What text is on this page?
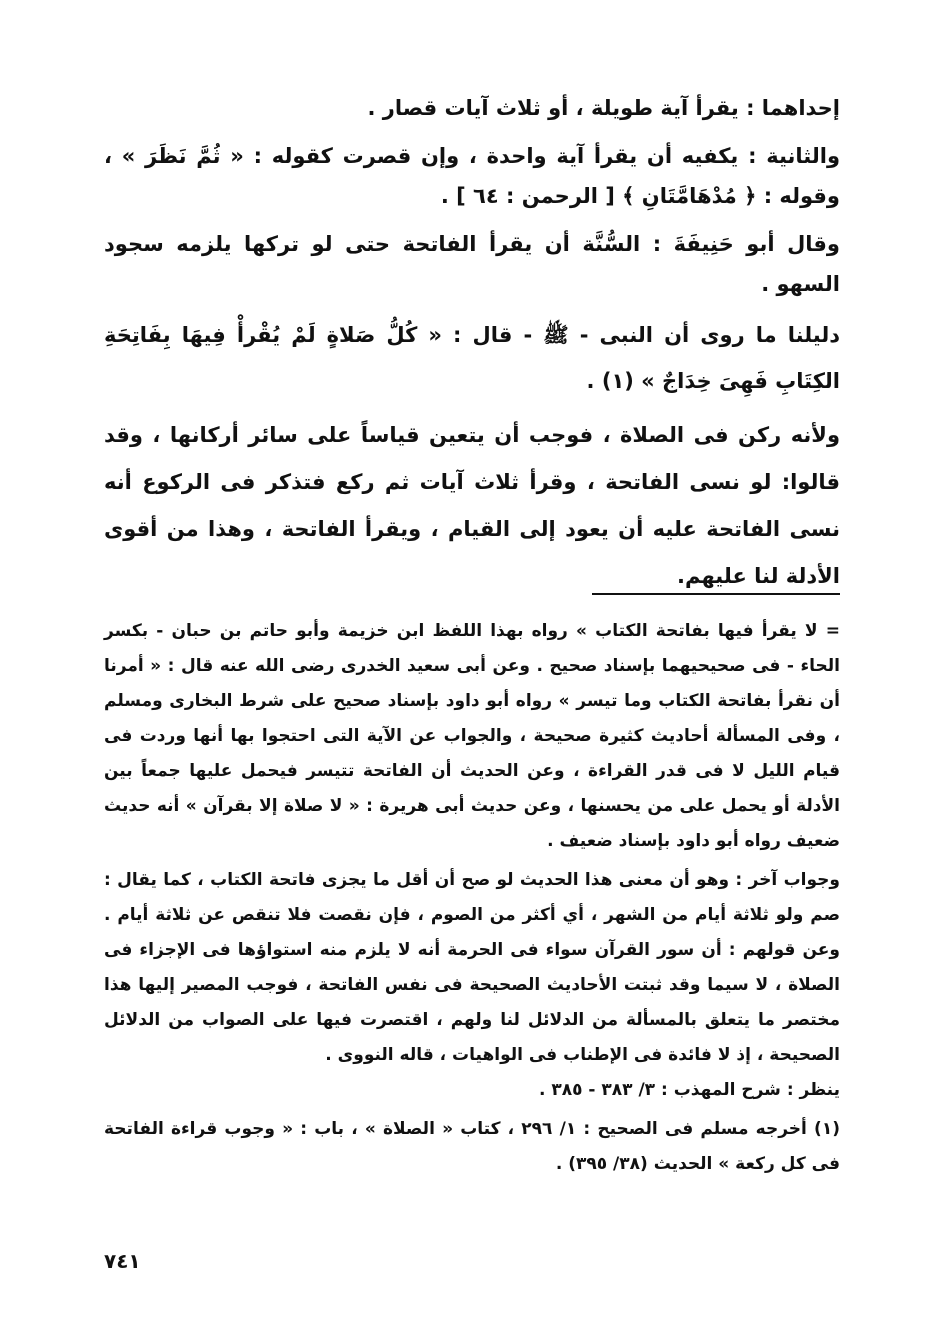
إحداهما : يقرأ آية طويلة ، أو ثلاث آيات قصار .

والثانية : يكفيه أن يقرأ آية واحدة ، وإن قصرت كقوله : « ثُمَّ نَظَرَ » ، وقوله : ﴿ مُدْهَامَّتَانِ ﴾ [ الرحمن : ٦٤ ] .

وقال أبو حَنِيفَةَ : السُّنَّة أن يقرأ الفاتحة حتى لو تركها يلزمه سجود السهو .

دليلنا ما روى أن النبى - ﷺ - قال : « كُلُّ صَلاةٍ لَمْ يُقْرأْ فِيهَا بِفَاتِحَةِ الكِتَابِ فَهِىَ خِدَاجٌ » (١) .

ولأنه ركن فى الصلاة ، فوجب أن يتعين قياساً على سائر أركانها ، وقد قالوا: لو نسى الفاتحة ، وقرأ ثلاث آيات ثم ركع فتذكر فى الركوع أنه نسى الفاتحة عليه أن يعود إلى القيام ، ويقرأ الفاتحة ، وهذا من أقوى الأدلة لنا عليهم.

= لا يقرأ فيها بفاتحة الكتاب » رواه بهذا اللفظ ابن خزيمة وأبو حاتم بن حبان - بكسر الحاء - فى صحيحيهما بإسناد صحيح . وعن أبى سعيد الخدرى رضى الله عنه قال : « أمرنا أن نقرأ بفاتحة الكتاب وما تيسر » رواه أبو داود بإسناد صحيح على شرط البخارى ومسلم ، وفى المسألة أحاديث كثيرة صحيحة ، والجواب عن الآية التى احتجوا بها أنها وردت فى قيام الليل لا فى قدر القراءة ، وعن الحديث أن الفاتحة تتيسر فيحمل عليها جمعاً بين الأدلة أو يحمل على من يحسنها ، وعن حديث أبى هريرة : « لا صلاة إلا بقرآن » أنه حديث ضعيف رواه أبو داود بإسناد ضعيف .

وجواب آخر : وهو أن معنى هذا الحديث لو صح أن أقل ما يجزى فاتحة الكتاب ، كما يقال : صم ولو ثلاثة أيام من الشهر ، أي أكثر من الصوم ، فإن نقصت فلا تنقص عن ثلاثة أيام . وعن قولهم : أن سور القرآن سواء فى الحرمة أنه لا يلزم منه استواؤها فى الإجزاء فى الصلاة ، لا سيما وقد ثبتت الأحاديث الصحيحة فى نفس الفاتحة ، فوجب المصير إليها هذا مختصر ما يتعلق بالمسألة من الدلائل لنا ولهم ، اقتصرت فيها على الصواب من الدلائل الصحيحة ، إذ لا فائدة فى الإطناب فى الواهيات ، قاله النووى .

ينظر : شرح المهذب : ٣/ ٣٨٣ - ٣٨٥ .

(١) أخرجه مسلم فى الصحيح : ١/ ٢٩٦ ، كتاب « الصلاة » ، باب : « وجوب قراءة الفاتحة فى كل ركعة » الحديث (٣٨/ ٣٩٥) .

٧٤١
